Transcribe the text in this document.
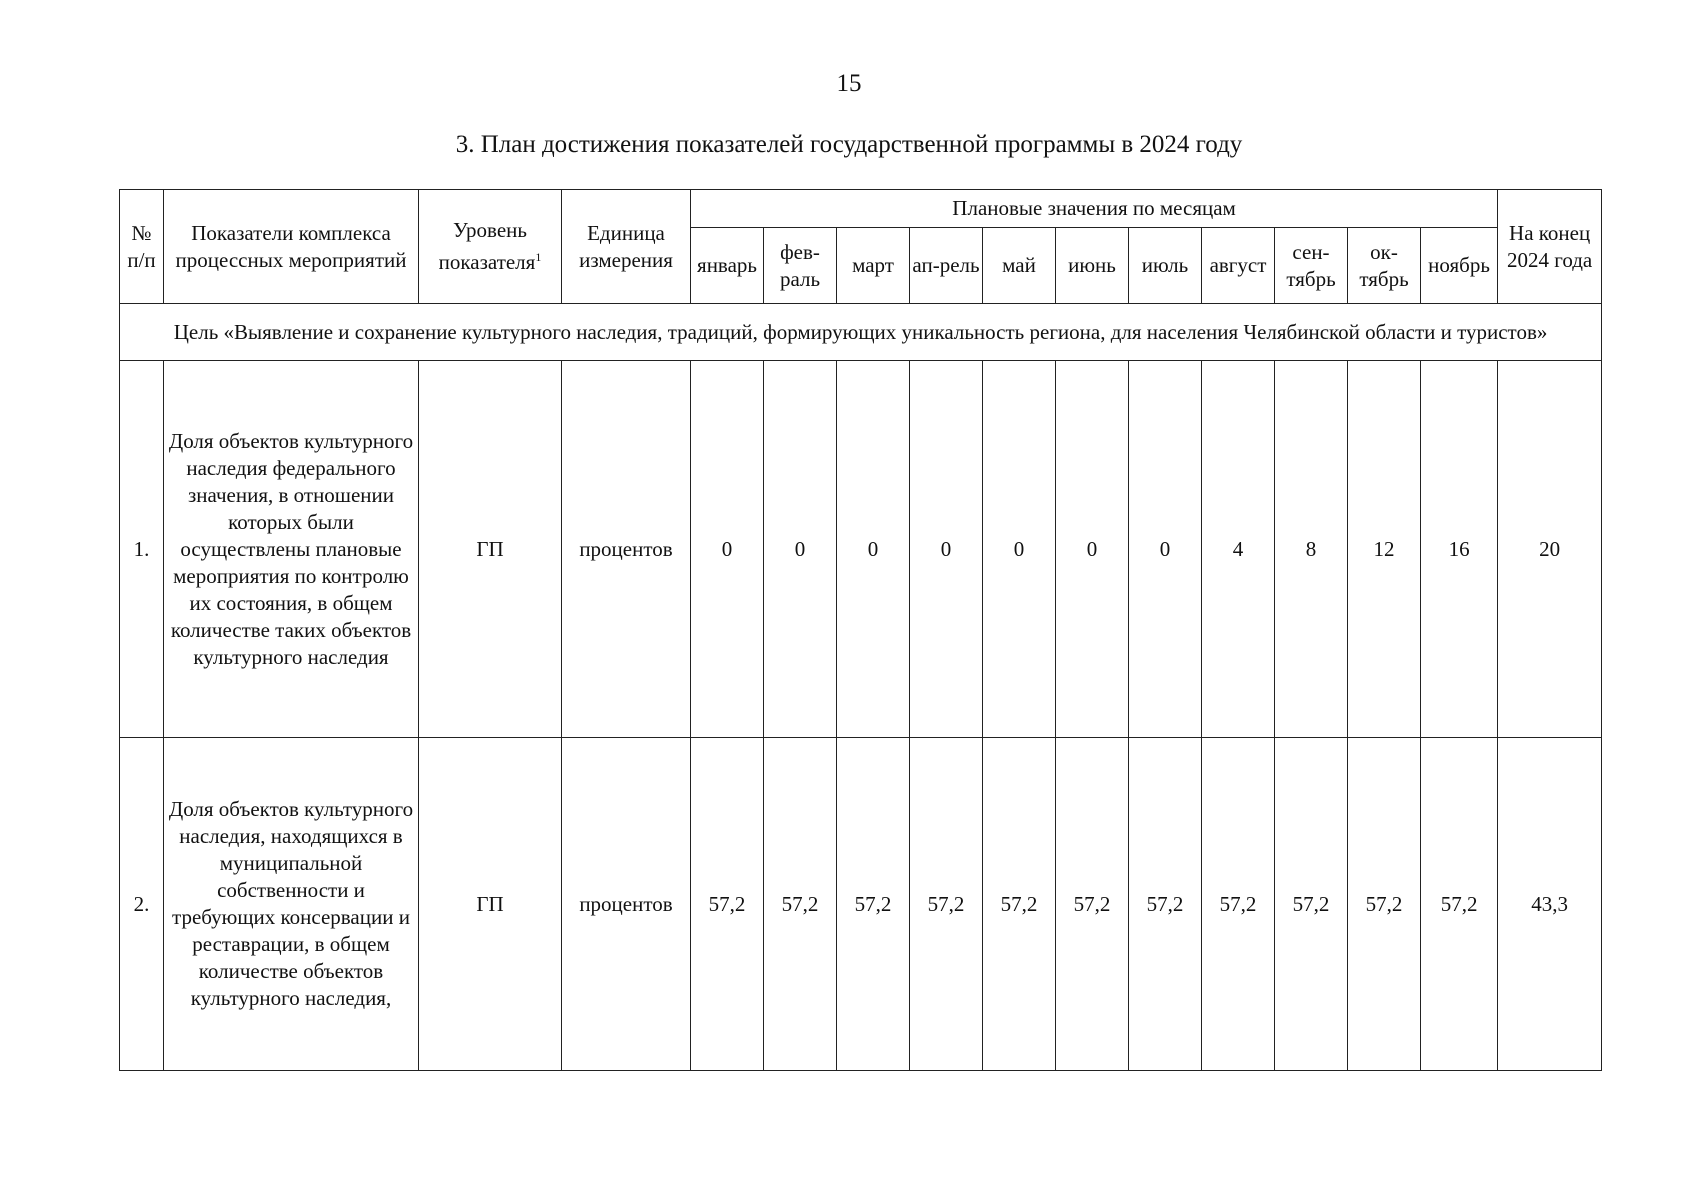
15
3. План достижения показателей государственной программы в 2024 году
№ п/п	Показатели комплекса процессных мероприятий	Уровень показателя$^1$	Единица измерения	Плановые значения по месяцам											На конец 2024 года
				январь	фев-раль	март	ап-рель	май	июнь	июль	август	сен-тябрь	ок-тябрь	ноябрь	
Цель «Выявление и сохранение культурного наследия, традиций, формирующих уникальность региона, для населения Челябинской области и туристов»															
1.	Доля объектов культурного наследия федерального значения, в отношении которых были осуществлены плановые мероприятия по контролю их состояния, в общем количестве таких объектов культурного наследия	ГП	процентов	0	0	0	0	0	0	0	4	8	12	16	20
2.	Доля объектов культурного наследия, находящихся в муниципальной собственности и требующих консервации и реставрации, в общем количестве объектов культурного наследия,	ГП	процентов	57,2	57,2	57,2	57,2	57,2	57,2	57,2	57,2	57,2	57,2	57,2	43,3
